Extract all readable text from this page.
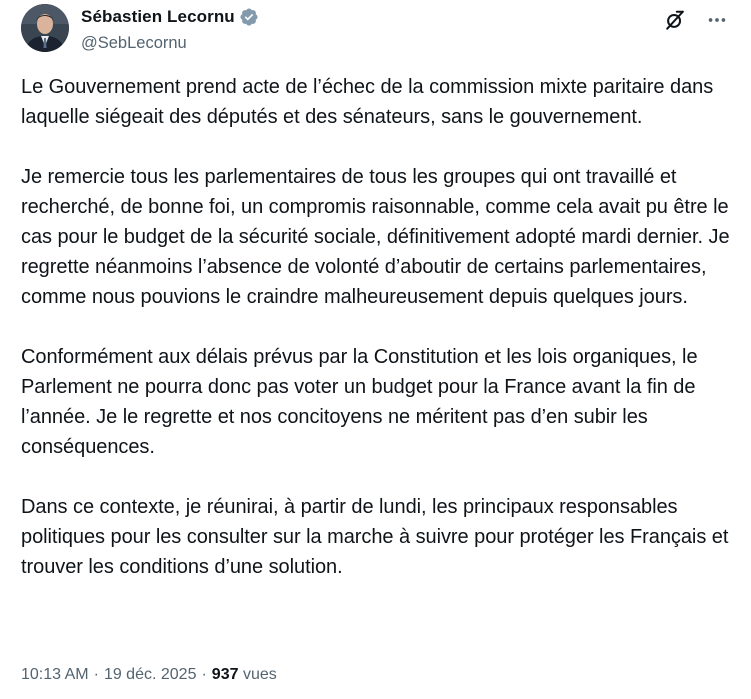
Sébastien Lecornu
@SebLecornu

Le Gouvernement prend acte de l’échec de la commission mixte paritaire dans laquelle siégeait des députés et des sénateurs, sans le gouvernement.

Je remercie tous les parlementaires de tous les groupes qui ont travaillé et recherché, de bonne foi, un compromis raisonnable, comme cela avait pu être le cas pour le budget de la sécurité sociale, définitivement adopté mardi dernier. Je regrette néanmoins l’absence de volonté d’aboutir de certains parlementaires, comme nous pouvions le craindre malheureusement depuis quelques jours.

Conformément aux délais prévus par la Constitution et les lois organiques, le Parlement ne pourra donc pas voter un budget pour la France avant la fin de l’année. Je le regrette et nos concitoyens ne méritent pas d’en subir les conséquences.

Dans ce contexte, je réunirai, à partir de lundi, les principaux responsables politiques pour les consulter sur la marche à suivre pour protéger les Français et trouver les conditions d’une solution.

10:13 AM · 19 déc. 2025 · 937 vues
